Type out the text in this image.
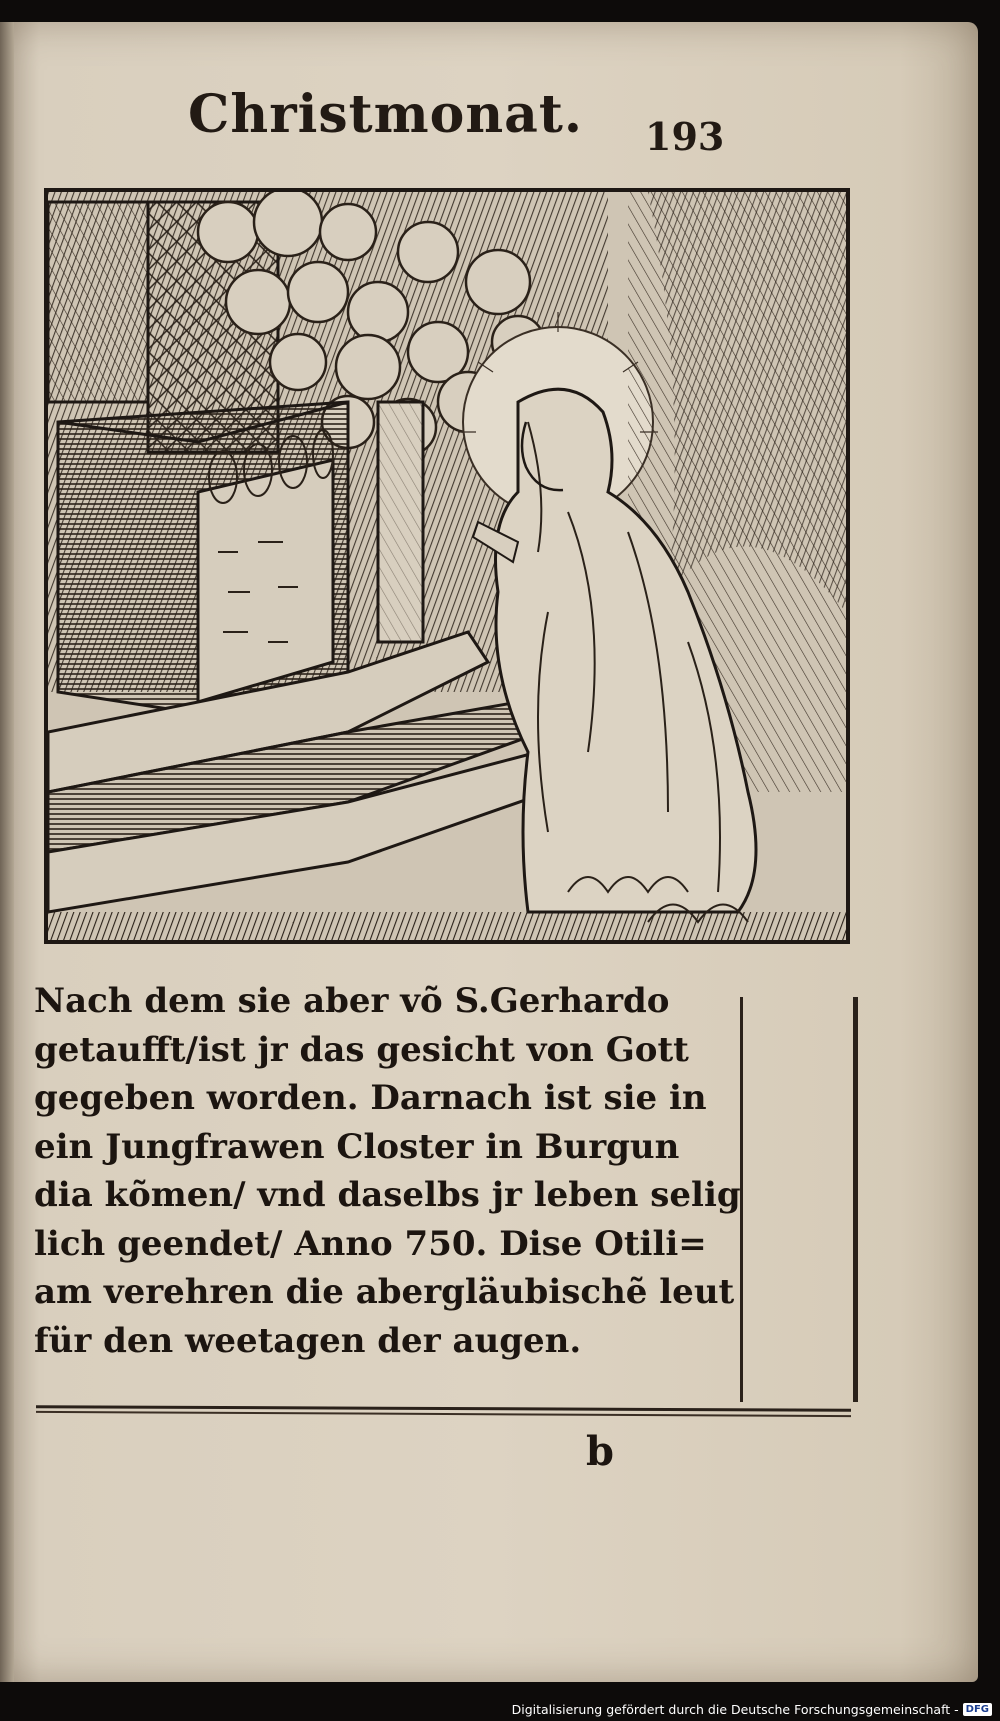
Christmonat. 193
Nach dem sie aber võ S.Gerhardo
getaufft/ist jr das gesicht von Gott
gegeben worden. Darnach ist sie in
ein Jungfrawen Closter in Burgun
dia kõmen/ vnd daselbs jr leben selig
lich geendet/ Anno 750. Dise Otili=
am verehren die abergläubischẽ leut
für den weetagen der augen.
b
Digitalisierung gefördert durch die Deutsche Forschungsgemeinschaft - DFG
